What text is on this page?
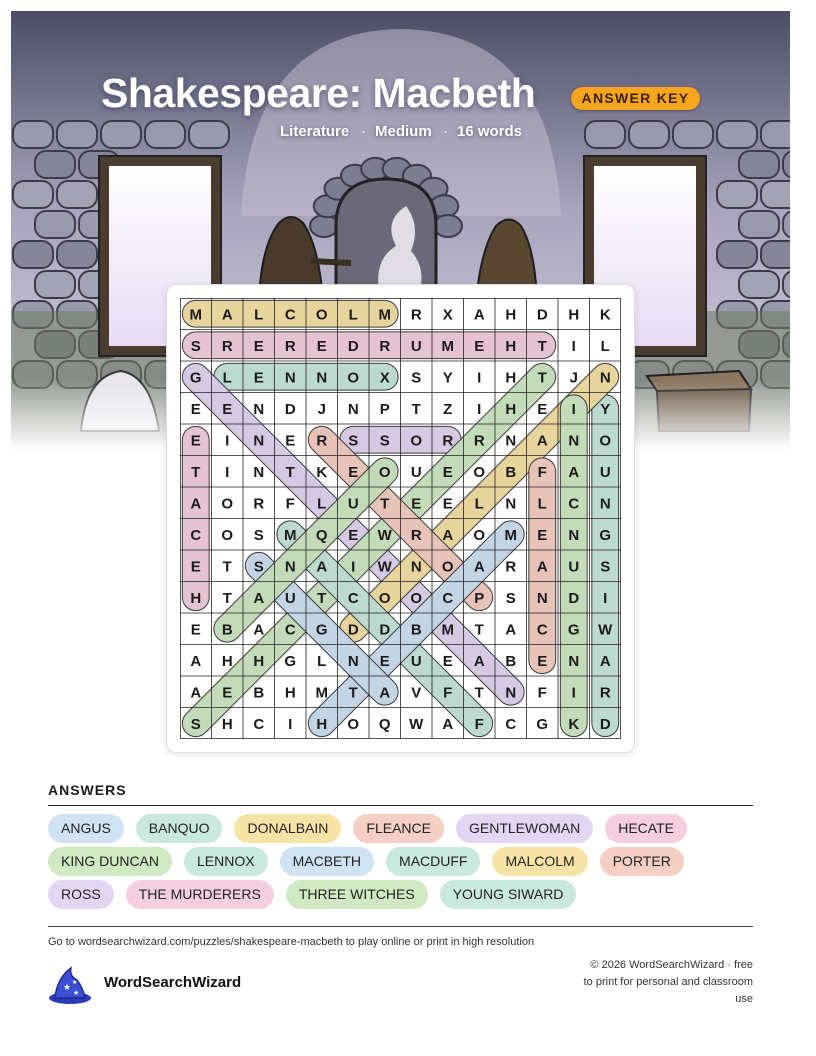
Shakespeare: Macbeth	ANSWER KEY
Literature · Medium · 16 words
M A L C O L M R X A H D H K
S R E R E D R U M E H T I L
G L E N N O X S Y I H T J N
E E N D J N P T Z I H E I Y
E I N E R S S O R R N A N O
T I N T K E O U E O B F A U
A O R F L U T E E L N L C N
C O S M Q E W R A O M E N G
E T S N A I W N O A R A U S
H T A U T C O O C P S N D I
E B A C G D D B M T A C G W
A H H G L N E U E A B E N A
A E B H M T A V F T N F I R
S H C I H O Q W A F C G K D
ANSWERS
ANGUS	BANQUO	DONALBAIN	FLEANCE	GENTLEWOMAN	HECATE
KING DUNCAN	LENNOX	MACBETH	MACDUFF	MALCOLM	PORTER
ROSS	THE MURDERERS	THREE WITCHES	YOUNG SIWARD
Go to wordsearchwizard.com/puzzles/shakespeare-macbeth to play online or print in high resolution
★
★
★
WordSearchWizard
© 2026 WordSearchWizard · free to print for personal and classroom use
